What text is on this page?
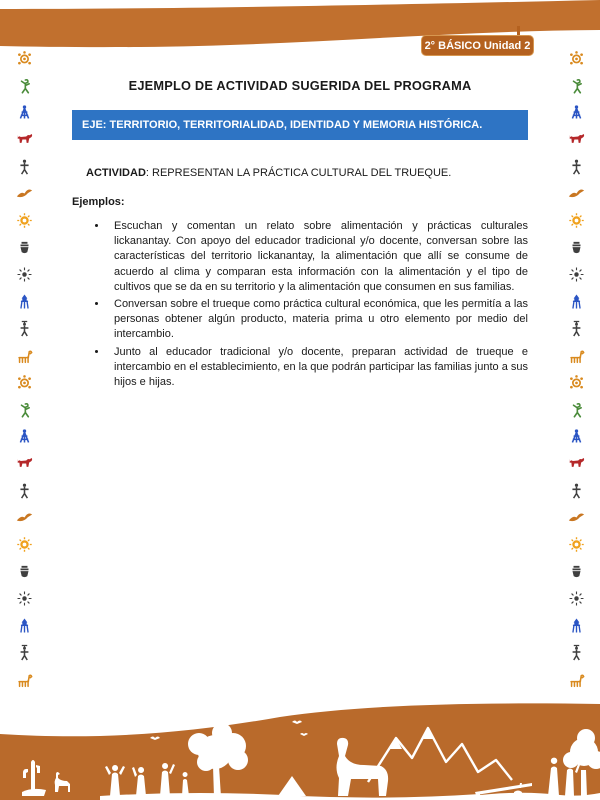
2° BÁSICO Unidad 2
EJEMPLO DE ACTIVIDAD SUGERIDA DEL PROGRAMA
EJE: TERRITORIO, TERRITORIALIDAD, IDENTIDAD Y MEMORIA HISTÓRICA.
ACTIVIDAD: REPRESENTAN LA PRÁCTICA CULTURAL DEL TRUEQUE.
Ejemplos:
• Escuchan y comentan un relato sobre alimentación y prácticas culturales lickanantay. Con apoyo del educador tradicional y/o docente, conversan sobre las características del territorio lickanantay, la alimentación que allí se consume de acuerdo al clima y comparan esta información con la alimentación y el tipo de cultivos que se da en su territorio y la alimentación que consumen en sus familias.
• Conversan sobre el trueque como práctica cultural económica, que les permitía a las personas obtener algún producto, materia prima u otro elemento por medio del intercambio.
• Junto al educador tradicional y/o docente, preparan actividad de trueque e intercambio en el establecimiento, en la que podrán participar las familias junto a sus hijos e hijas.
